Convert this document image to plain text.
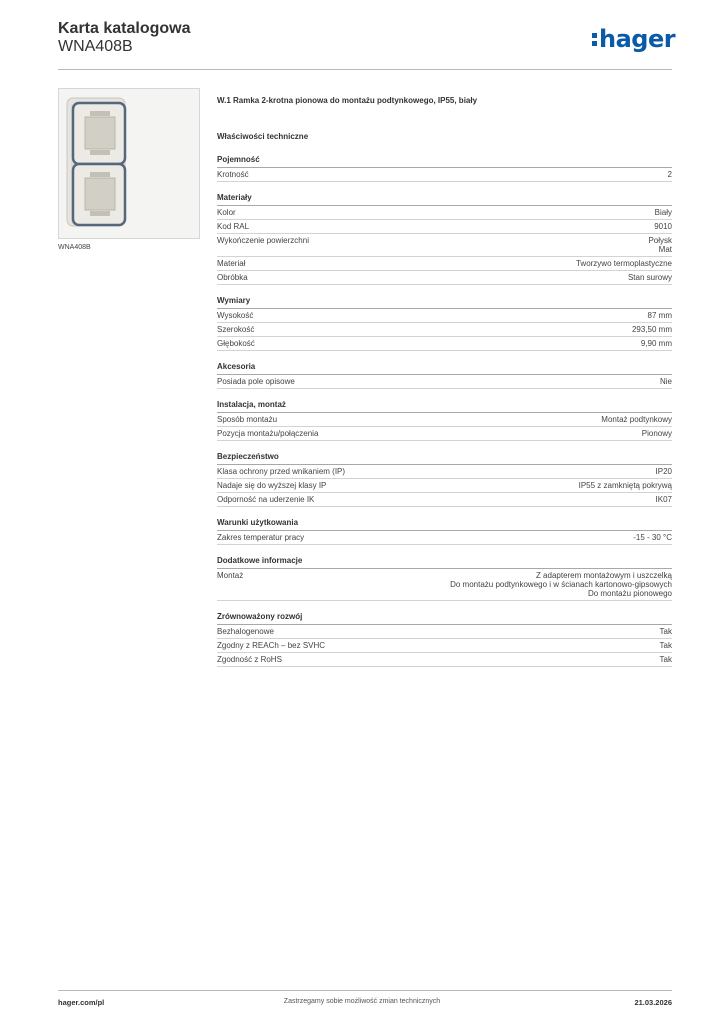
Karta katalogowa
WNA408B	hager
WNA408B
W.1 Ramka 2-krotna pionowa do montażu podtynkowego, IP55, biały
Właściwości techniczne
Pojemność
Krotność	2
Materiały
Kolor	Biały
Kod RAL	9010
Wykończenie powierzchni	Połysk
Mat
Materiał	Tworzywo termoplastyczne
Obróbka	Stan surowy
Wymiary
Wysokość	87 mm
Szerokość	293,50 mm
Głębokość	9,90 mm
Akcesoria
Posiada pole opisowe	Nie
Instalacja, montaż
Sposób montażu	Montaż podtynkowy
Pozycja montażu/połączenia	Pionowy
Bezpieczeństwo
Klasa ochrony przed wnikaniem (IP)	IP20
Nadaje się do wyższej klasy IP	IP55 z zamkniętą pokrywą
Odporność na uderzenie IK	IK07
Warunki użytkowania
Zakres temperatur pracy	-15 - 30 °C
Dodatkowe informacje
Montaż	Z adapterem montażowym i uszczelką
Do montażu podtynkowego i w ścianach kartonowo-gipsowych
Do montażu pionowego
Zrównoważony rozwój
Bezhalogenowe	Tak
Zgodny z REACh – bez SVHC	Tak
Zgodność z RoHS	Tak
hager.com/pl	Zastrzegamy sobie możliwość zmian technicznych	21.03.2026
